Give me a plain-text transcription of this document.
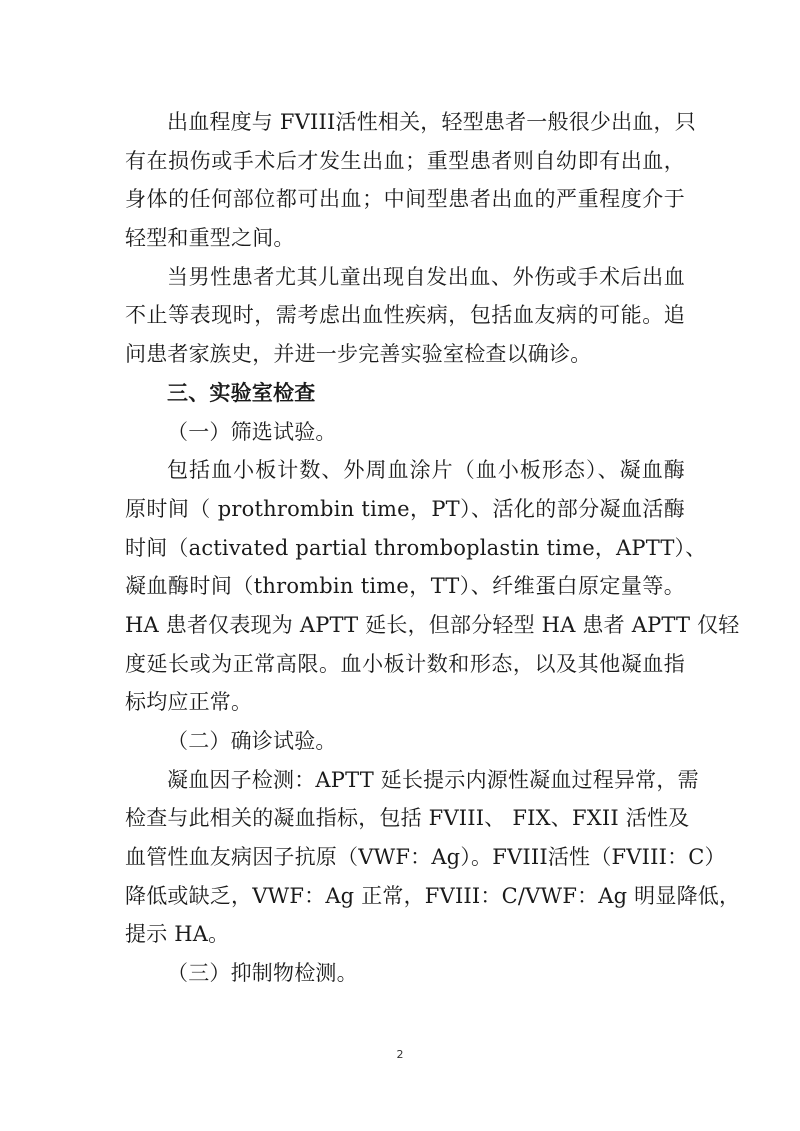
出血程度与 FVIII活性相关，轻型患者一般很少出血，只
有在损伤或手术后才发生出血；重型患者则自幼即有出血，
身体的任何部位都可出血；中间型患者出血的严重程度介于
轻型和重型之间。
当男性患者尤其儿童出现自发出血、外伤或手术后出血
不止等表现时，需考虑出血性疾病，包括血友病的可能。追
问患者家族史，并进一步完善实验室检查以确诊。
三、实验室检查
（一）筛选试验。
包括血小板计数、外周血涂片（血小板形态）、凝血酶
原时间（ prothrombin time，PT）、活化的部分凝血活酶
时间（activated partial thromboplastin time，APTT）、
凝血酶时间（thrombin time，TT）、纤维蛋白原定量等。
HA 患者仅表现为 APTT 延长，但部分轻型 HA 患者 APTT 仅轻
度延长或为正常高限。血小板计数和形态，以及其他凝血指
标均应正常。
（二）确诊试验。
凝血因子检测：APTT 延长提示内源性凝血过程异常，需
检查与此相关的凝血指标，包括 FVIII、 FIX、FXII 活性及
血管性血友病因子抗原（VWF：Ag）。FVIII活性（FVIII：C）
降低或缺乏，VWF：Ag 正常，FVIII：C/VWF：Ag 明显降低，
提示 HA。
（三）抑制物检测。
2
